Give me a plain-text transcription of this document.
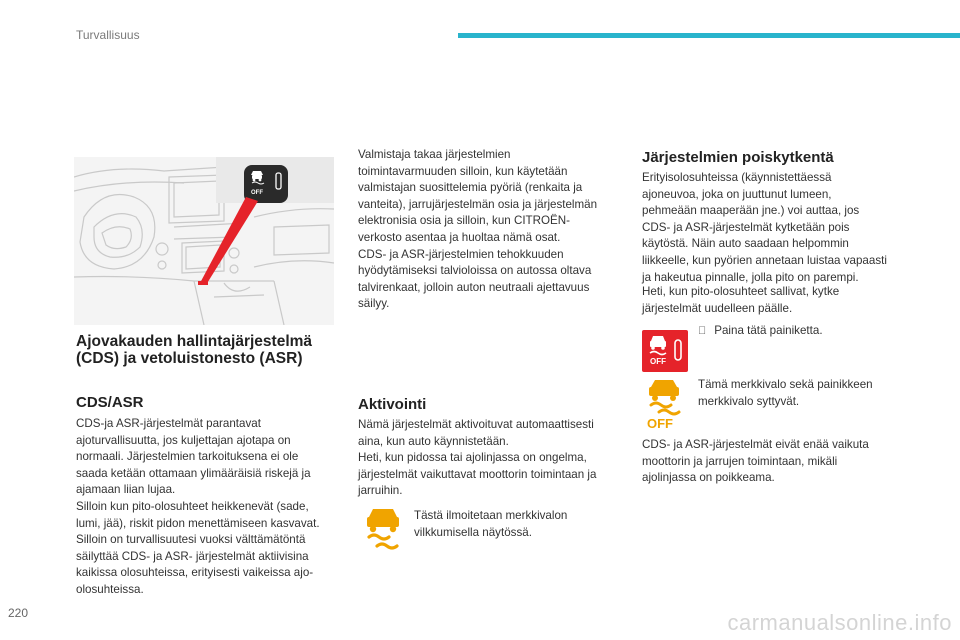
Turvallisuus
OFF
Ajovakauden hallintajärjestelmä
(CDS) ja vetoluistonesto (ASR)
CDS/ASR
CDS-ja ASR-järjestelmät parantavat
ajoturvallisuutta, jos kuljettajan ajotapa on
normaali. Järjestelmien tarkoituksena ei ole
saada ketään ottamaan ylimääräisiä riskejä ja
ajamaan liian lujaa.
Silloin kun pito-olosuhteet heikkenevät (sade,
lumi, jää), riskit pidon menettämiseen kasvavat.
Silloin on turvallisuutesi vuoksi välttämätöntä
säilyttää CDS- ja ASR- järjestelmät aktiivisina
kaikissa olosuhteissa, erityisesti vaikeissa ajo-
olosuhteissa.
Valmistaja takaa järjestelmien
toimintavarmuuden silloin, kun käytetään
valmistajan suosittelemia pyöriä (renkaita ja
vanteita), jarrujärjestelmän osia ja järjestelmän
elektronisia osia ja silloin, kun CITROËN-
verkosto asentaa ja huoltaa nämä osat.
CDS- ja ASR-järjestelmien tehokkuuden
hyödytämiseksi talvioloissa on autossa oltava
talvirenkaat, jolloin auton neutraali ajettavuus
säilyy.
Aktivointi
Nämä järjestelmät aktivoituvat automaattisesti
aina, kun auto käynnistetään.
Heti, kun pidossa tai ajolinjassa on ongelma,
järjestelmät vaikuttavat moottorin toimintaan ja
jarruihin.
Tästä ilmoitetaan merkkivalon
vilkkumisella näytössä.
Järjestelmien poiskytkentä
Erityisolosuhteissa (käynnistettäessä
ajoneuvoa, joka on juuttunut lumeen,
pehmeään maaperään jne.) voi auttaa, jos
CDS- ja ASR-järjestelmät kytketään pois
käytöstä. Näin auto saadaan helpommin
liikkeelle, kun pyörien annetaan luistaa vapaasti
ja hakeutua pinnalle, jolla pito on parempi.
Heti, kun pito-olosuhteet sallivat, kytke
järjestelmät uudelleen päälle.
OFF
Paina tätä painiketta.
OFF
Tämä merkkivalo sekä painikkeen
merkkivalo syttyvät.
CDS- ja ASR-järjestelmät eivät enää vaikuta
moottorin ja jarrujen toimintaan, mikäli
ajolinjassa on poikkeama.
220	carmanualsonline.info
